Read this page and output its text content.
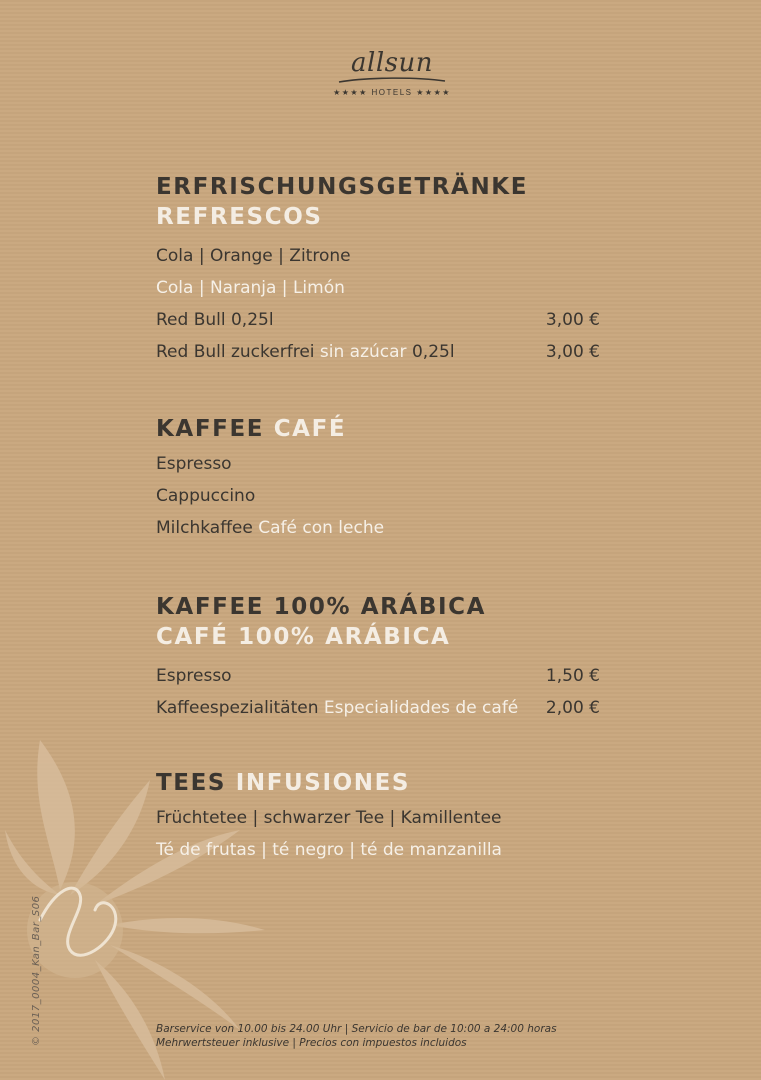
allsun
★★★★ HOTELS ★★★★
ERFRISCHUNGSGETRÄNKE
REFRESCOS
Cola | Orange | Zitrone
Cola | Naranja | Limón
Red Bull 0,25l	3,00 €
Red Bull zuckerfrei sin azúcar 0,25l	3,00 €
KAFFEE CAFÉ
Espresso
Cappuccino
Milchkaffee Café con leche
KAFFEE 100% ARÁBICA
CAFÉ 100% ARÁBICA
Espresso	1,50 €
Kaffeespezialitäten Especialidades de café 2,00 €
TEES INFUSIONES
Früchtetee | schwarzer Tee | Kamillentee
Té de frutas | té negro | té de manzanilla
Barservice von 10.00 bis 24.00 Uhr | Servicio de bar de 10:00 a 24:00 horas
Mehrwertsteuer inklusive | Precios con impuestos incluidos
© 2017_0004_Kan_Bar_S06
